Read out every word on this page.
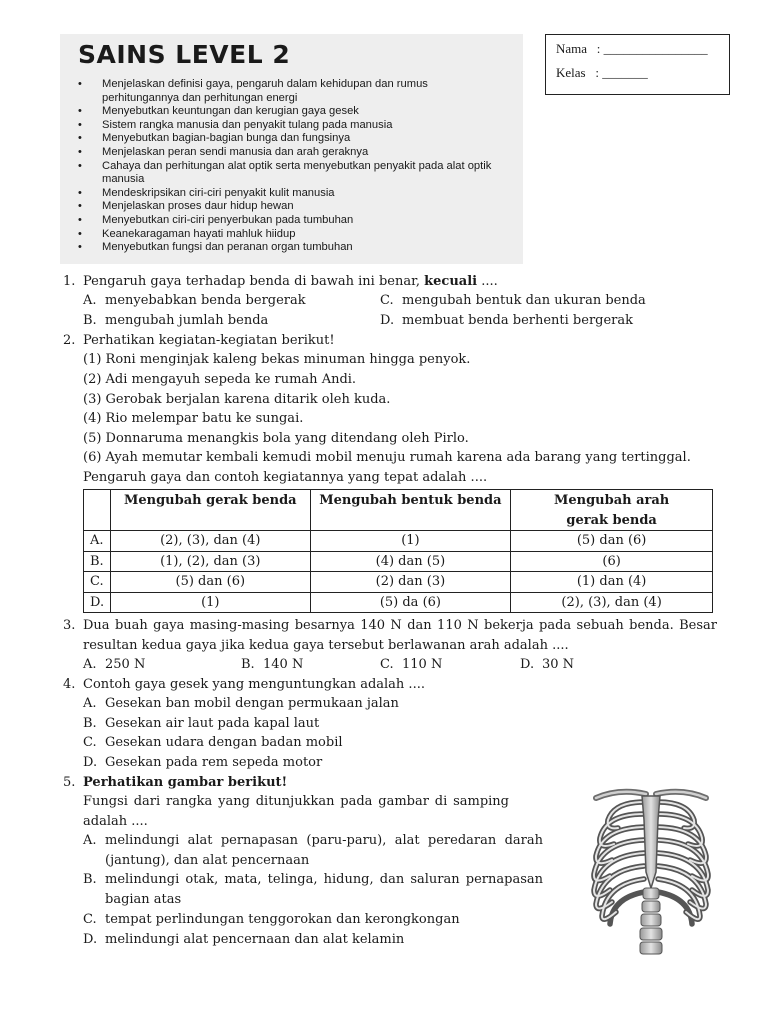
SAINS LEVEL 2
• Menjelaskan definisi gaya, pengaruh dalam kehidupan dan rumus perhitungannya dan perhitungan energi
• Menyebutkan keuntungan dan kerugian gaya gesek
• Sistem rangka manusia dan penyakit tulang pada manusia
• Menyebutkan bagian-bagian bunga dan fungsinya
• Menjelaskan peran sendi manusia dan arah geraknya
• Cahaya dan perhitungan alat optik serta menyebutkan penyakit pada alat optik manusia
• Mendeskripsikan ciri-ciri penyakit kulit manusia
• Menjelaskan proses daur hidup hewan
• Menyebutkan ciri-ciri penyerbukan pada tumbuhan
• Keanekaragaman hayati mahluk hiidup
• Menyebutkan fungsi dan peranan organ tumbuhan
Nama   : ________________
Kelas   : _______
1. Pengaruh gaya terhadap benda di bawah ini benar, kecuali ....
A. menyebabkan benda bergerak	C. mengubah bentuk dan ukuran benda
B. mengubah jumlah benda	D. membuat benda berhenti bergerak
2. Perhatikan kegiatan-kegiatan berikut!
(1) Roni menginjak kaleng bekas minuman hingga penyok.
(2) Adi mengayuh sepeda ke rumah Andi.
(3) Gerobak berjalan karena ditarik oleh kuda.
(4) Rio melempar batu ke sungai.
(5) Donnaruma menangkis bola yang ditendang oleh Pirlo.
(6) Ayah memutar kembali kemudi mobil menuju rumah karena ada barang yang tertinggal.
Pengaruh gaya dan contoh kegiatannya yang tepat adalah ....
	Mengubah gerak benda	Mengubah bentuk benda	Mengubah arah gerak benda
A.	(2), (3), dan (4)	(1)	(5) dan (6)
B.	(1), (2), dan (3)	(4) dan (5)	(6)
C.	(5) dan (6)	(2) dan (3)	(1) dan (4)
D.	(1)	(5) da (6)	(2), (3), dan (4)
3. Dua buah gaya masing-masing besarnya 140 N dan 110 N bekerja pada sebuah benda. Besar
resultan kedua gaya jika kedua gaya tersebut berlawanan arah adalah ....
A. 250 N	B. 140 N	C. 110 N	D. 30 N
4. Contoh gaya gesek yang menguntungkan adalah ....
A. Gesekan ban mobil dengan permukaan jalan
B. Gesekan air laut pada kapal laut
C. Gesekan udara dengan badan mobil
D. Gesekan pada rem sepeda motor
5. Perhatikan gambar berikut!
Fungsi dari rangka yang ditunjukkan pada gambar di samping
adalah ....
A. melindungi alat pernapasan (paru-paru), alat peredaran darah
(jantung), dan alat pencernaan
B. melindungi otak, mata, telinga, hidung, dan saluran pernapasan
bagian atas
C. tempat perlindungan tenggorokan dan kerongkongan
D. melindungi alat pencernaan dan alat kelamin
